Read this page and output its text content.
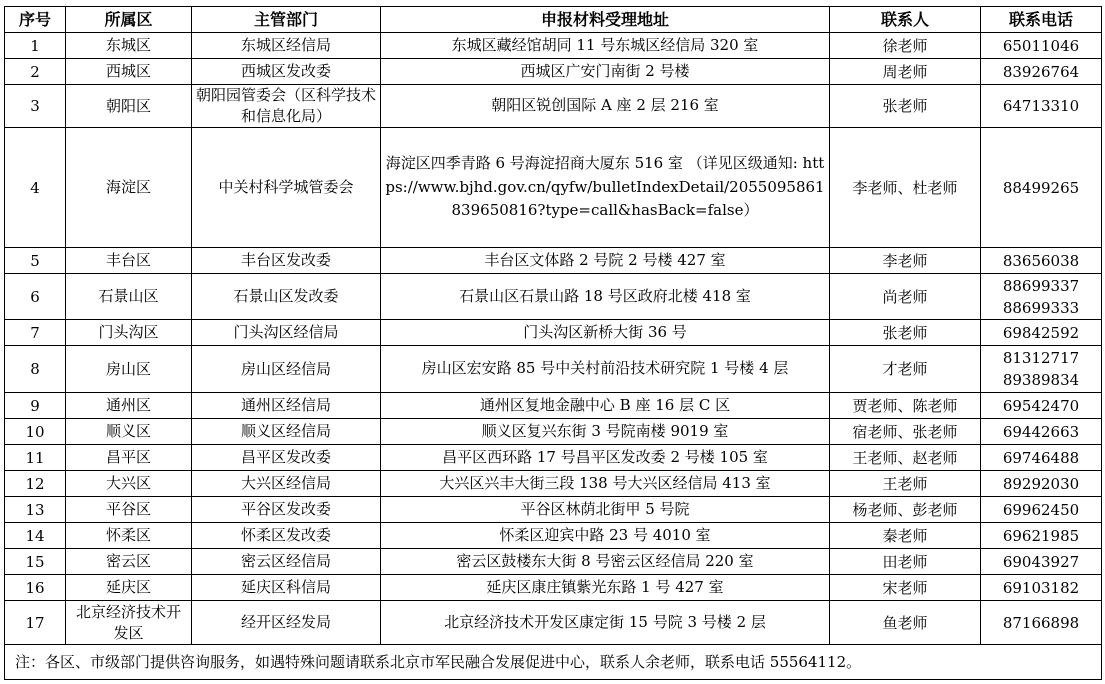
序号	所属区	主管部门	申报材料受理地址	联系人	联系电话
1	东城区	东城区经信局	东城区藏经馆胡同 11 号东城区经信局 320 室	徐老师	65011046

2	西城区	西城区发改委	西城区广安门南街 2 号楼	周老师	83926764

3	朝阳区	朝阳园管委会（区科学技术和信息化局）	朝阳区锐创国际 A 座 2 层 216 室	张老师	64713310

4	海淀区	中关村科学城管委会	海淀区四季青路 6 号海淀招商大厦东 516 室 （详见区级通知: https://www.bjhd.gov.cn/qyfw/bulletIndexDetail/2055095861839650816?type=call&hasBack=false）	李老师、杜老师	88499265

5	丰台区	丰台区发改委	丰台区文体路 2 号院 2 号楼 427 室	李老师	83656038

6	石景山区	石景山区发改委	石景山区石景山路 18 号区政府北楼 418 室	尚老师	88699337
88699333

7	门头沟区	门头沟区经信局	门头沟区新桥大街 36 号	张老师	69842592

8	房山区	房山区经信局	房山区宏安路 85 号中关村前沿技术研究院 1 号楼 4 层	才老师	81312717
89389834

9	通州区	通州区经信局	通州区复地金融中心 B 座 16 层 C 区	贾老师、陈老师	69542470

10	顺义区	顺义区经信局	顺义区复兴东街 3 号院南楼 9019 室	宿老师、张老师	69442663

11	昌平区	昌平区发改委	昌平区西环路 17 号昌平区发改委 2 号楼 105 室	王老师、赵老师	69746488

12	大兴区	大兴区经信局	大兴区兴丰大街三段 138 号大兴区经信局 413 室	王老师	89292030

13	平谷区	平谷区发改委	平谷区林荫北街甲 5 号院	杨老师、彭老师	69962450

14	怀柔区	怀柔区发改委	怀柔区迎宾中路 23 号 4010 室	秦老师	69621985

15	密云区	密云区经信局	密云区鼓楼东大街 8 号密云区经信局 220 室	田老师	69043927

16	延庆区	延庆区科信局	延庆区康庄镇紫光东路 1 号 427 室	宋老师	69103182

17	北京经济技术开发区	经开区经发局	北京经济技术开发区康定街 15 号院 3 号楼 2 层	鱼老师	87166898

注：各区、市级部门提供咨询服务，如遇特殊问题请联系北京市军民融合发展促进中心，联系人余老师，联系电话 55564112。					
